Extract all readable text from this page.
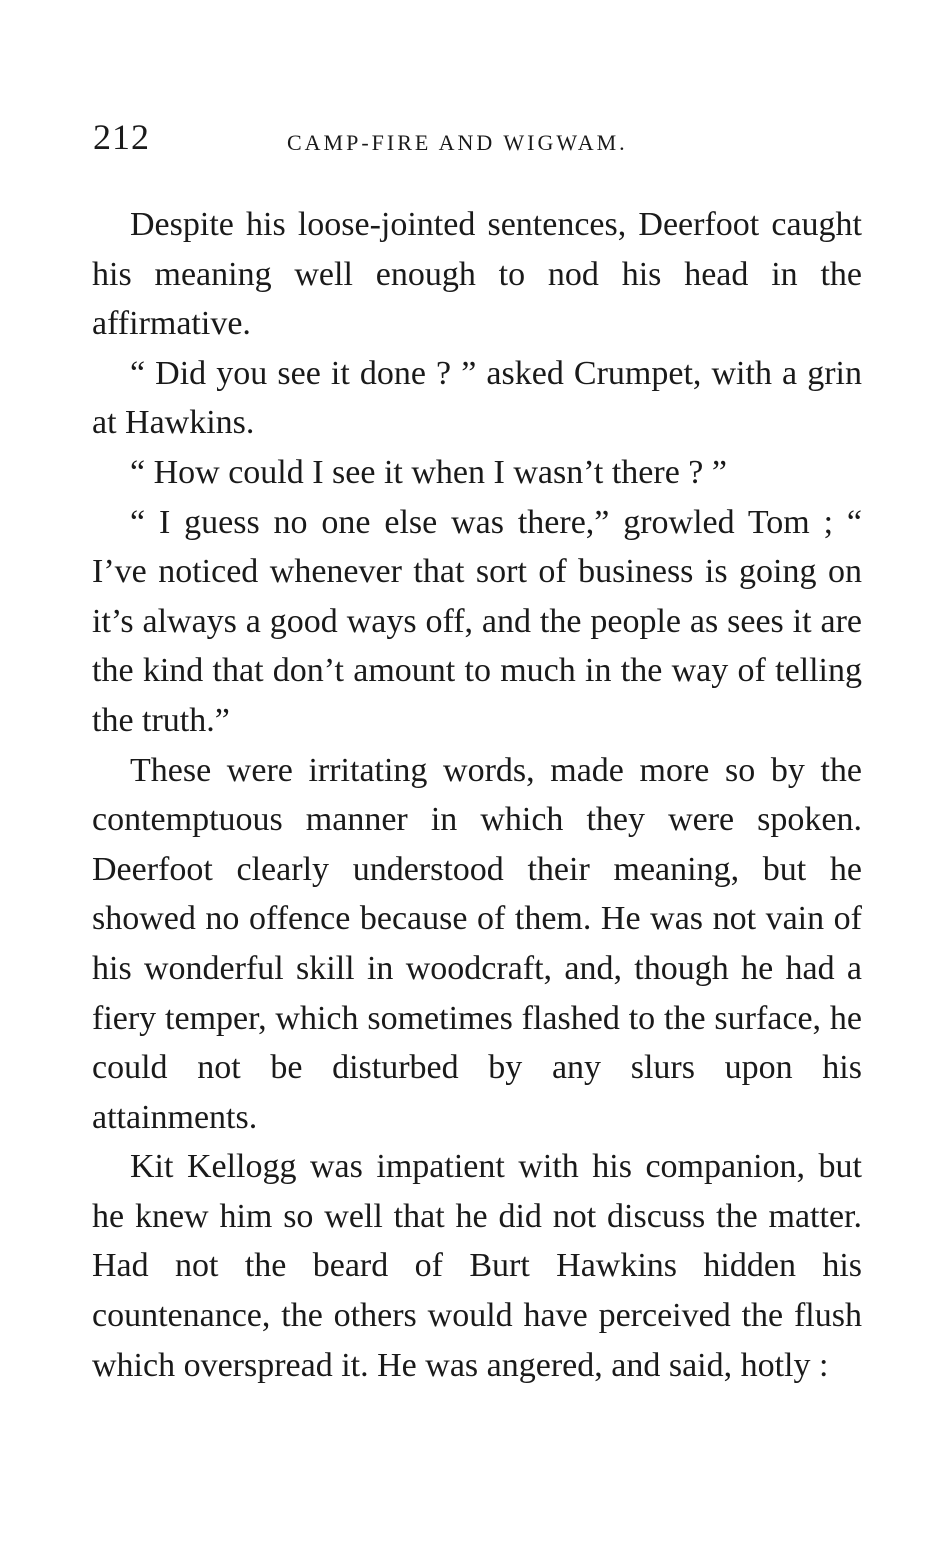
212	CAMP-FIRE AND WIGWAM.

Despite his loose-jointed sentences, Deerfoot caught his meaning well enough to nod his head in the affirmative.

“ Did you see it done ? ” asked Crumpet, with a grin at Hawkins.

“ How could I see it when I wasn’t there ? ”

“ I guess no one else was there,” growled Tom ; “ I’ve noticed whenever that sort of business is going on it’s always a good ways off, and the people as sees it are the kind that don’t amount to much in the way of telling the truth.”

These were irritating words, made more so by the contemptuous manner in which they were spoken. Deerfoot clearly understood their meaning, but he showed no offence because of them. He was not vain of his wonderful skill in woodcraft, and, though he had a fiery temper, which sometimes flashed to the surface, he could not be disturbed by any slurs upon his attainments.

Kit Kellogg was impatient with his companion, but he knew him so well that he did not discuss the matter. Had not the beard of Burt Hawkins hidden his countenance, the others would have perceived the flush which overspread it. He was angered, and said, hotly :
